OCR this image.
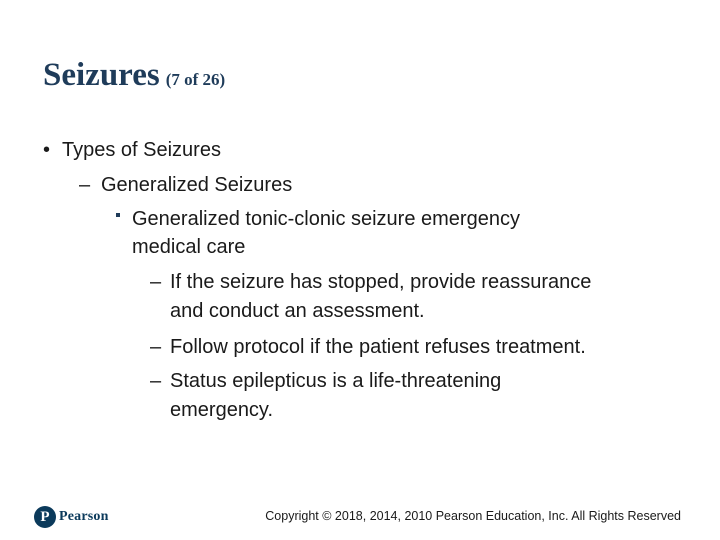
Seizures (7 of 26)
• Types of Seizures
– Generalized Seizures
Generalized tonic-clonic seizure emergency
medical care
– If the seizure has stopped, provide reassurance
and conduct an assessment.
– Follow protocol if the patient refuses treatment.
– Status epilepticus is a life-threatening
emergency.
P Pearson	Copyright © 2018, 2014, 2010 Pearson Education, Inc. All Rights Reserved
